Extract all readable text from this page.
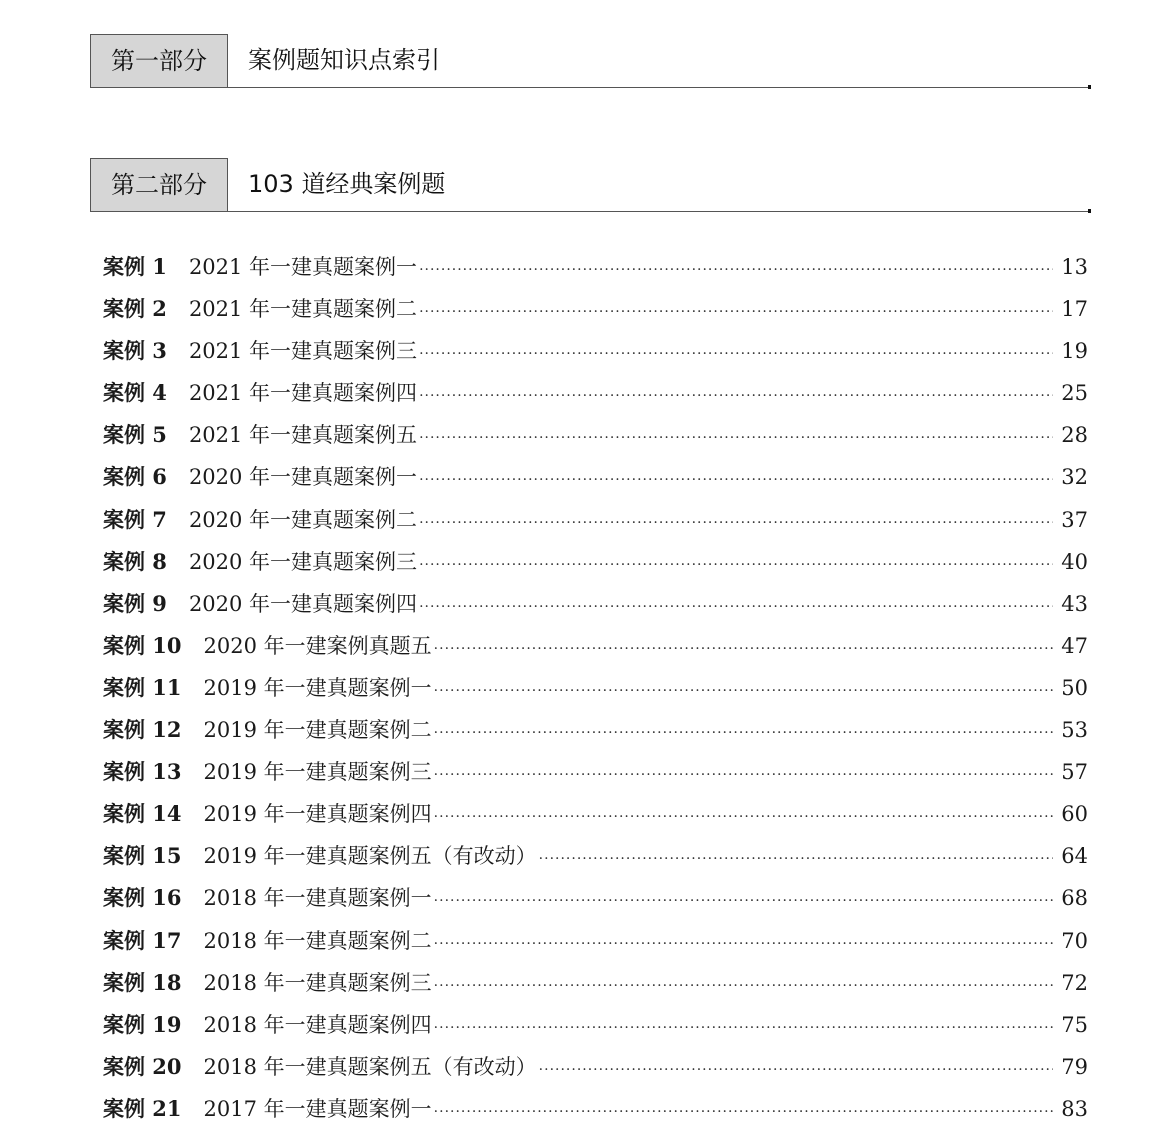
第一部分	案例题知识点索引
第二部分	103 道经典案例题
案例 1	2021 年一建真题案例一 ·····	13
案例 2	2021 年一建真题案例二 ·····	17
案例 3	2021 年一建真题案例三 ·····	19
案例 4	2021 年一建真题案例四 ·····	25
案例 5	2021 年一建真题案例五 ·····	28
案例 6	2020 年一建真题案例一 ·····	32
案例 7	2020 年一建真题案例二 ·····	37
案例 8	2020 年一建真题案例三 ·····	40
案例 9	2020 年一建真题案例四 ·····	43
案例 10	2020 年一建案例真题五 ·····	47
案例 11	2019 年一建真题案例一 ·····	50
案例 12	2019 年一建真题案例二 ·····	53
案例 13	2019 年一建真题案例三 ·····	57
案例 14	2019 年一建真题案例四 ·····	60
案例 15	2019 年一建真题案例五（有改动） ·····	64
案例 16	2018 年一建真题案例一 ·····	68
案例 17	2018 年一建真题案例二 ·····	70
案例 18	2018 年一建真题案例三 ·····	72
案例 19	2018 年一建真题案例四 ·····	75
案例 20	2018 年一建真题案例五（有改动） ·····	79
案例 21	2017 年一建真题案例一 ·····	83
